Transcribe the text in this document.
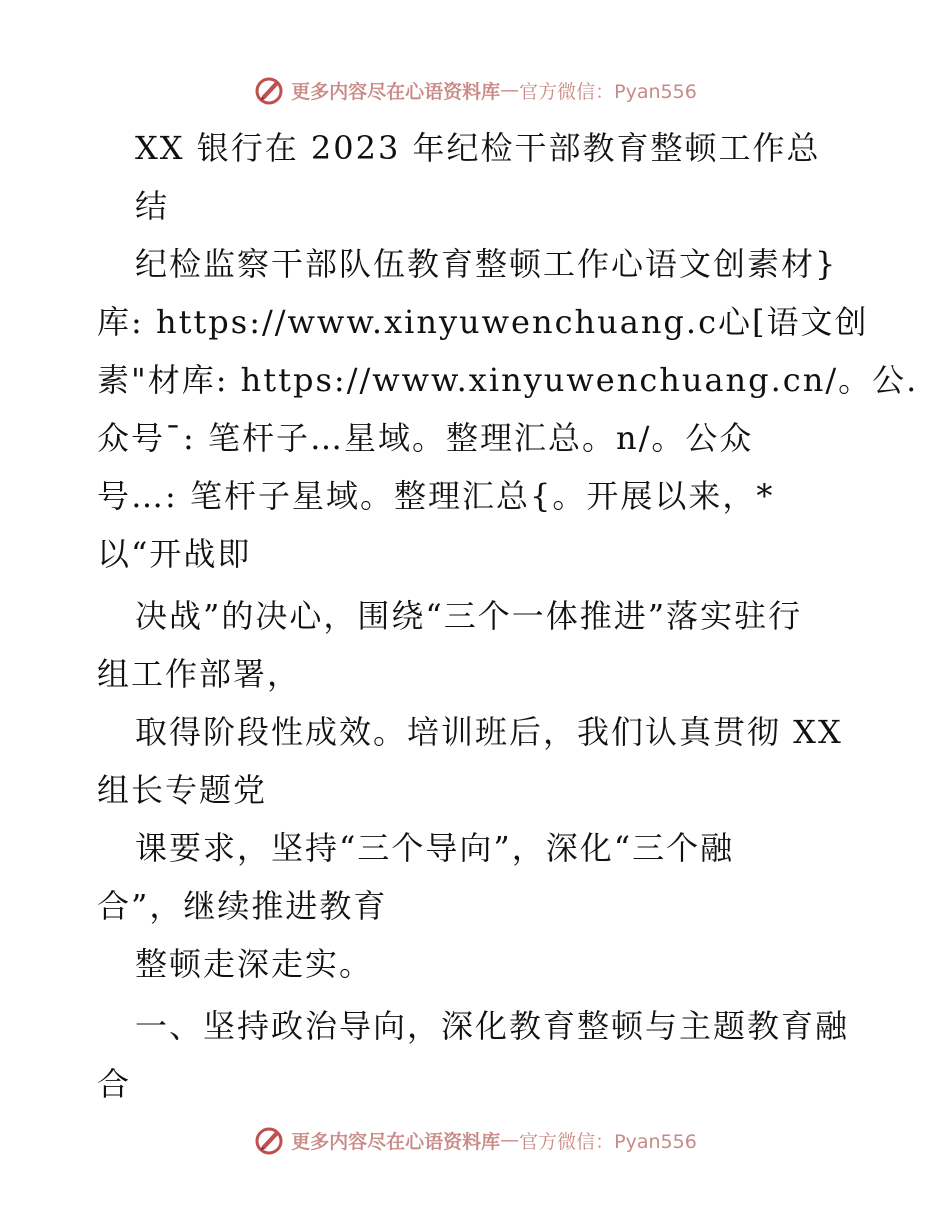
更多内容尽在心语资料库 — 官方微信：Pyan556
XX 银行在 2023 年纪检干部教育整顿工作总
结
纪检监察干部队伍教育整顿工作心语文创素材}
库: https://www.xinyuwenchuang.c心[语文创
素"材库: https://www.xinyuwenchuang.cn/。公.
众号¯: 笔杆子…星域。整理汇总。n/。公众
号…: 笔杆子星域。整理汇总{。开展以来，*
以“开战即
决战”的决心，围绕“三个一体推进”落实驻行
组工作部署，
取得阶段性成效。培训班后，我们认真贯彻 XX
组长专题党
课要求，坚持“三个导向”，深化“三个融
合”，继续推进教育
整顿走深走实。
一、坚持政治导向，深化教育整顿与主题教育融
合
更多内容尽在心语资料库 — 官方微信：Pyan556
